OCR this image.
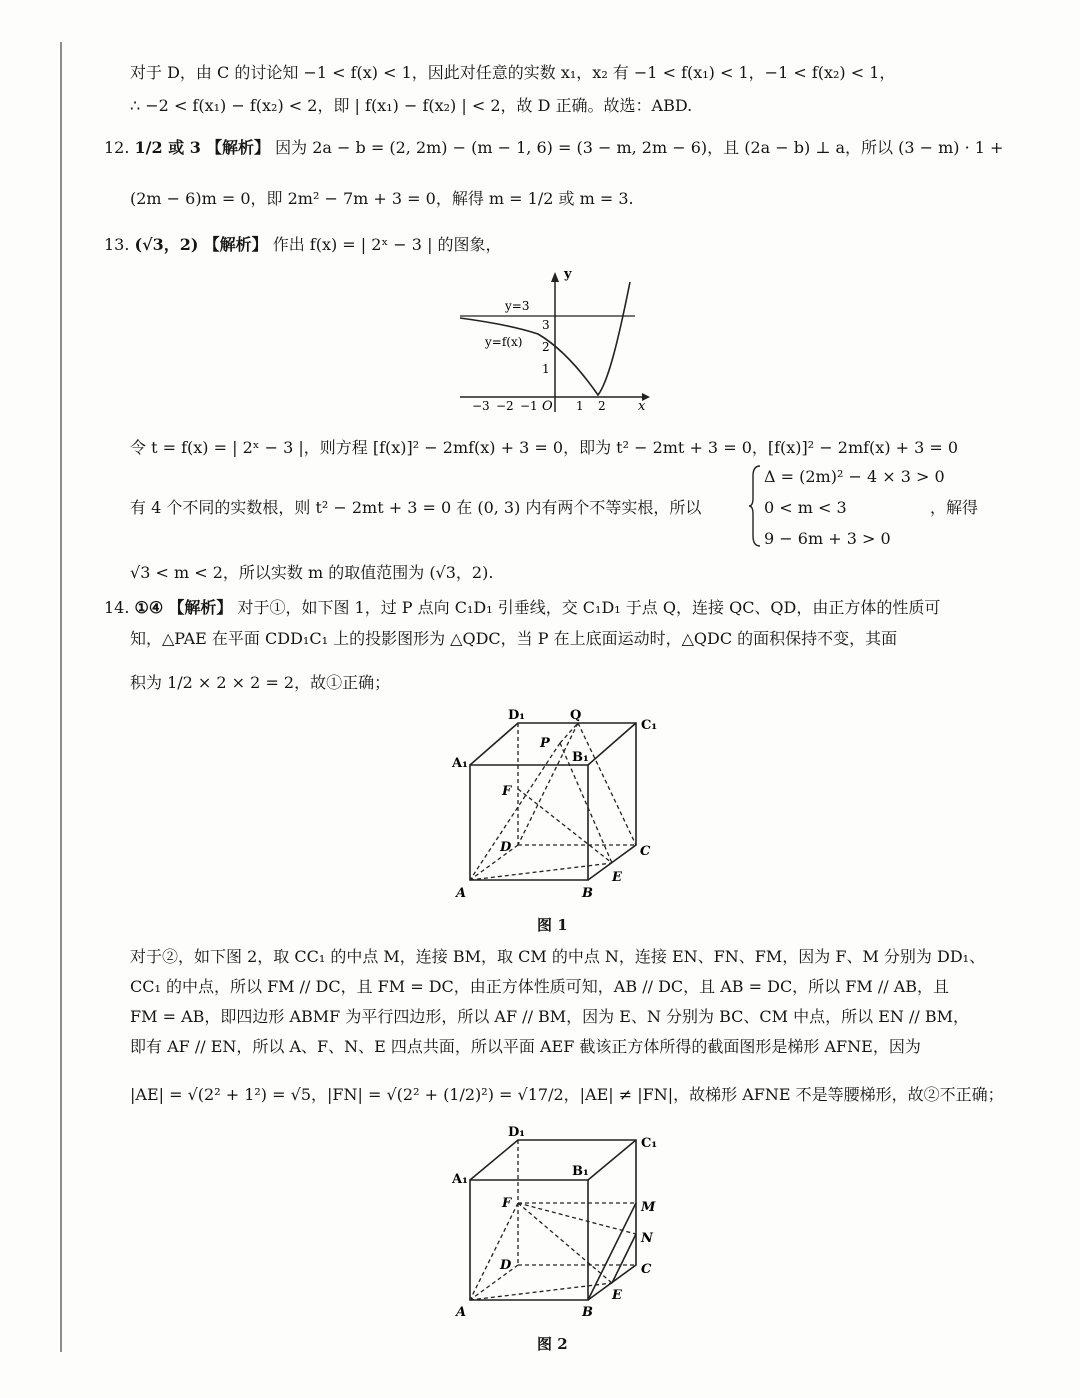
对于 D，由 C 的讨论知 −1 < f(x) < 1，因此对任意的实数 x₁，x₂ 有 −1 < f(x₁) < 1，−1 < f(x₂) < 1，
∴ −2 < f(x₁) − f(x₂) < 2，即 | f(x₁) − f(x₂) | < 2，故 D 正确。故选：ABD.
12. 1/2 或 3 【解析】 因为 2a − b = (2, 2m) − (m − 1, 6) = (3 − m, 2m − 6)，且 (2a − b) ⊥ a，所以 (3 − m) · 1 +
(2m − 6)m = 0，即 2m² − 7m + 3 = 0，解得 m = 1/2 或 m = 3.
13. (√3，2) 【解析】 作出 f(x) = | 2ˣ − 3 | 的图象，
y
x
O
y=3
y=f(x)
−3 −2 −1	1 2
1
2
3
令 t = f(x) = | 2ˣ − 3 |，则方程 [f(x)]² − 2mf(x) + 3 = 0，即为 t² − 2mt + 3 = 0，[f(x)]² − 2mf(x) + 3 = 0
有 4 个不同的实数根，则 t² − 2mt + 3 = 0 在 (0, 3) 内有两个不等实根，所以
Δ = (2m)² − 4 × 3 > 0
0 < m < 3
9 − 6m + 3 > 0
，解得
√3 < m < 2，所以实数 m 的取值范围为 (√3，2).
14. ①④ 【解析】 对于①，如下图 1，过 P 点向 C₁D₁ 引垂线，交 C₁D₁ 于点 Q，连接 QC、QD，由正方体的性质可
知，△PAE 在平面 CDD₁C₁ 上的投影图形为 △QDC，当 P 在上底面运动时，△QDC 的面积保持不变，其面
积为 1/2 × 2 × 2 = 2，故①正确；
A₁
D₁	Q
C₁
P
B₁
F
D	C
E
A	B
图 1
对于②，如下图 2，取 CC₁ 的中点 M，连接 BM，取 CM 的中点 N，连接 EN、FN、FM，因为 F、M 分别为 DD₁、
CC₁ 的中点，所以 FM // DC，且 FM = DC，由正方体性质可知，AB // DC，且 AB = DC，所以 FM // AB，且
FM = AB，即四边形 ABMF 为平行四边形，所以 AF // BM，因为 E、N 分别为 BC、CM 中点，所以 EN // BM，
即有 AF // EN，所以 A、F、N、E 四点共面，所以平面 AEF 截该正方体所得的截面图形是梯形 AFNE，因为
|AE| = √(2² + 1²) = √5，|FN| = √(2² + (1/2)²) = √17/2，|AE| ≠ |FN|，故梯形 AFNE 不是等腰梯形，故②不正确；
A₁
D₁
C₁
B₁
F	M
N
D	C
E
A	B
图 2
